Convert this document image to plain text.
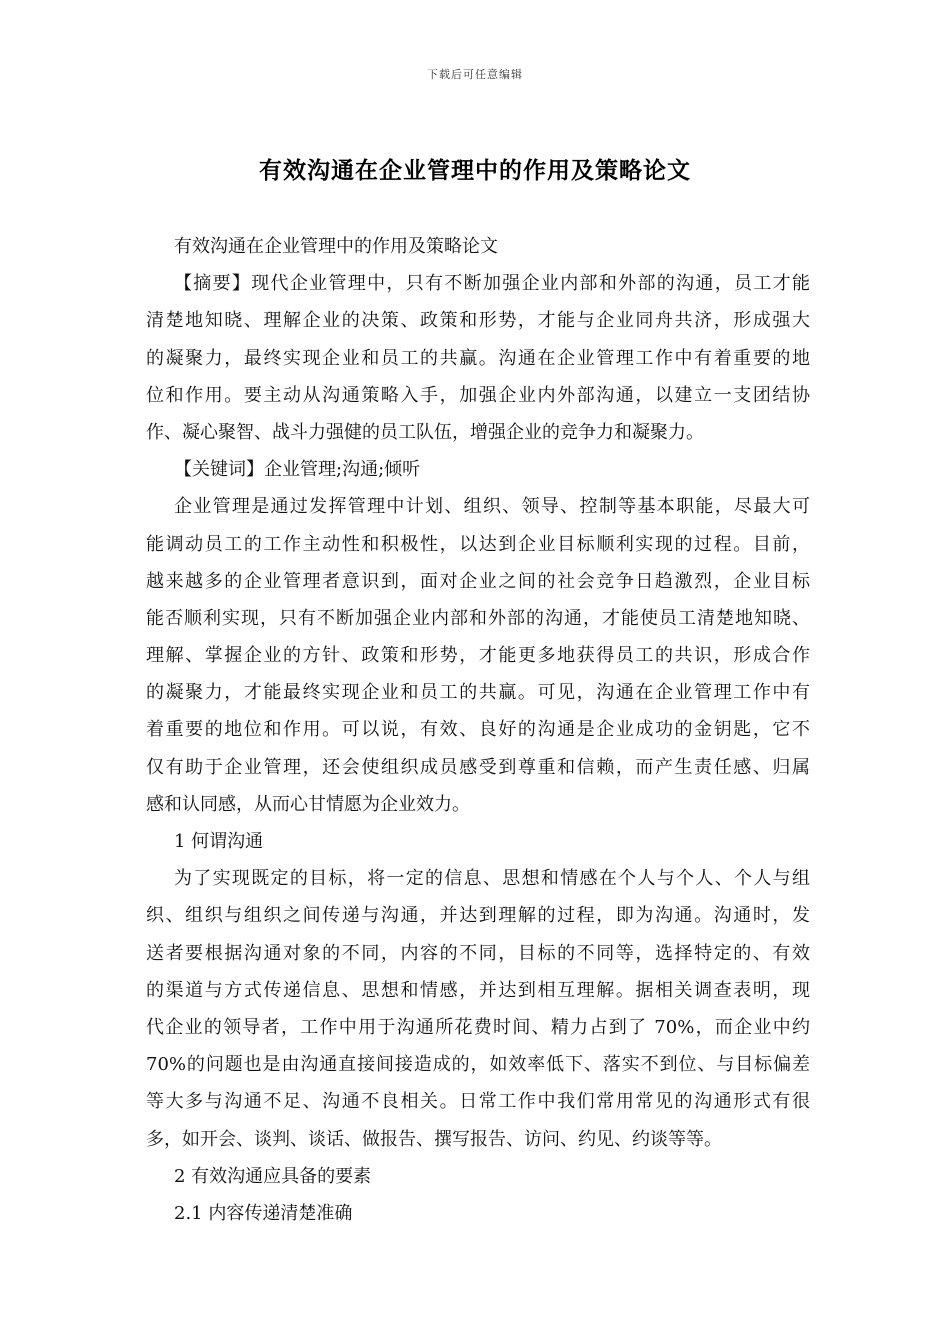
下载后可任意编辑
有效沟通在企业管理中的作用及策略论文

有效沟通在企业管理中的作用及策略论文

【摘要】现代企业管理中，只有不断加强企业内部和外部的沟通，员工才能
清楚地知晓、理解企业的决策、政策和形势，才能与企业同舟共济，形成强大
的凝聚力，最终实现企业和员工的共赢。沟通在企业管理工作中有着重要的地
位和作用。要主动从沟通策略入手，加强企业内外部沟通，以建立一支团结协
作、凝心聚智、战斗力强健的员工队伍，增强企业的竞争力和凝聚力。

【关键词】企业管理;沟通;倾听

企业管理是通过发挥管理中计划、组织、领导、控制等基本职能，尽最大可
能调动员工的工作主动性和积极性，以达到企业目标顺利实现的过程。目前，
越来越多的企业管理者意识到，面对企业之间的社会竞争日趋激烈，企业目标
能否顺利实现，只有不断加强企业内部和外部的沟通，才能使员工清楚地知晓、
理解、掌握企业的方针、政策和形势，才能更多地获得员工的共识，形成合作
的凝聚力，才能最终实现企业和员工的共赢。可见，沟通在企业管理工作中有
着重要的地位和作用。可以说，有效、良好的沟通是企业成功的金钥匙，它不
仅有助于企业管理，还会使组织成员感受到尊重和信赖，而产生责任感、归属
感和认同感，从而心甘情愿为企业效力。

1 何谓沟通

为了实现既定的目标，将一定的信息、思想和情感在个人与个人、个人与组
织、组织与组织之间传递与沟通，并达到理解的过程，即为沟通。沟通时，发
送者要根据沟通对象的不同，内容的不同，目标的不同等，选择特定的、有效
的渠道与方式传递信息、思想和情感，并达到相互理解。据相关调查表明，现
代企业的领导者，工作中用于沟通所花费时间、精力占到了 70%，而企业中约
70%的问题也是由沟通直接间接造成的，如效率低下、落实不到位、与目标偏差
等大多与沟通不足、沟通不良相关。日常工作中我们常用常见的沟通形式有很
多，如开会、谈判、谈话、做报告、撰写报告、访问、约见、约谈等等。

2 有效沟通应具备的要素

2.1 内容传递清楚准确
